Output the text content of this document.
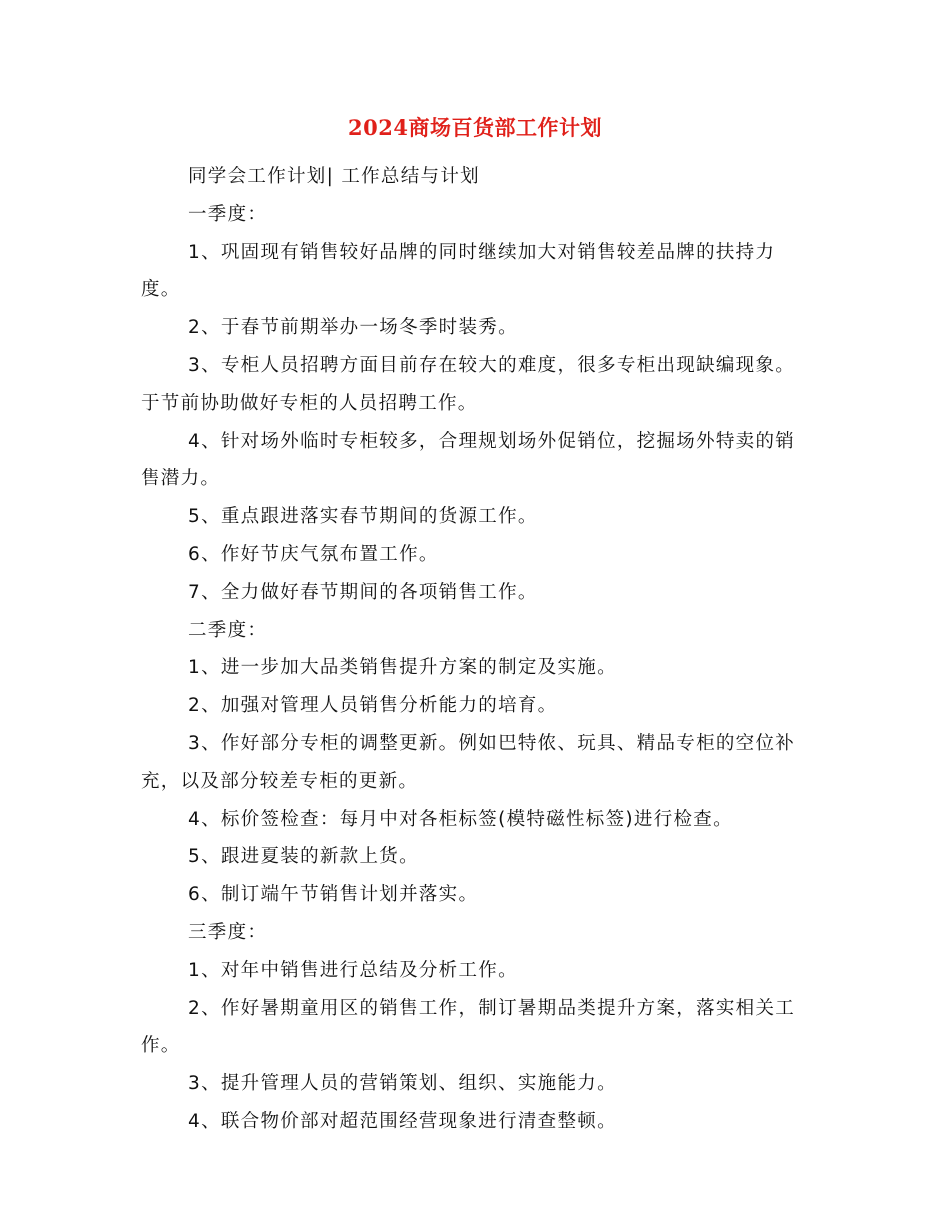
2024商场百货部工作计划

同学会工作计划| 工作总结与计划

一季度：

1、巩固现有销售较好品牌的同时继续加大对销售较差品牌的扶持力度。

2、于春节前期举办一场冬季时装秀。

3、专柜人员招聘方面目前存在较大的难度，很多专柜出现缺编现象。于节前协助做好专柜的人员招聘工作。

4、针对场外临时专柜较多，合理规划场外促销位，挖掘场外特卖的销售潜力。

5、重点跟进落实春节期间的货源工作。

6、作好节庆气氛布置工作。

7、全力做好春节期间的各项销售工作。

二季度：

1、进一步加大品类销售提升方案的制定及实施。

2、加强对管理人员销售分析能力的培育。

3、作好部分专柜的调整更新。例如巴特侬、玩具、精品专柜的空位补充，以及部分较差专柜的更新。

4、标价签检查：每月中对各柜标签(模特磁性标签)进行检查。

5、跟进夏装的新款上货。

6、制订端午节销售计划并落实。

三季度：

1、对年中销售进行总结及分析工作。

2、作好暑期童用区的销售工作，制订暑期品类提升方案，落实相关工作。

3、提升管理人员的营销策划、组织、实施能力。

4、联合物价部对超范围经营现象进行清查整顿。
